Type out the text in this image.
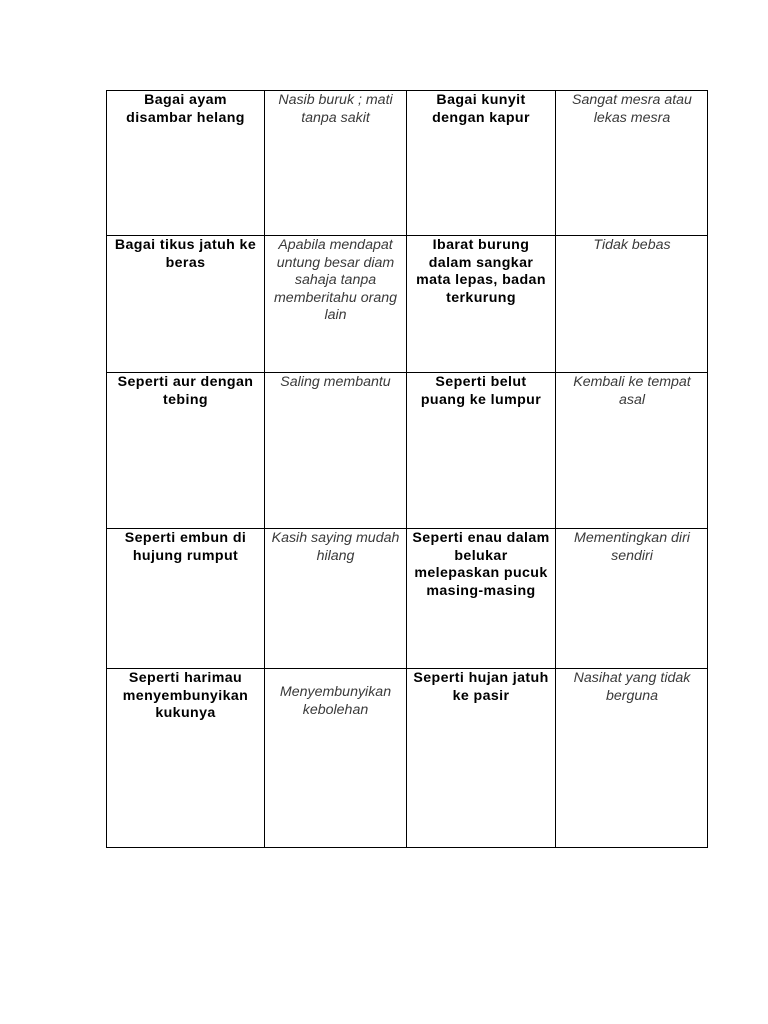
Bagai ayam disambar helang
Nasib buruk ; mati tanpa sakit
Bagai kunyit dengan kapur
Sangat mesra atau lekas mesra
Bagai tikus jatuh ke beras
Apabila mendapat untung besar diam sahaja tanpa memberitahu orang lain
Ibarat burung dalam sangkar mata lepas, badan terkurung
Tidak bebas
Seperti aur dengan tebing
Saling membantu	Seperti belut puang ke lumpur
Kembali ke tempat asal
Seperti embun di hujung rumput
Kasih saying mudah hilang
Seperti enau dalam belukar melepaskan pucuk masing-masing
Mementingkan diri sendiri
Seperti harimau menyembunyikan kukunya
Menyembunyikan kebolehan
Seperti hujan jatuh ke pasir
Nasihat yang tidak berguna
